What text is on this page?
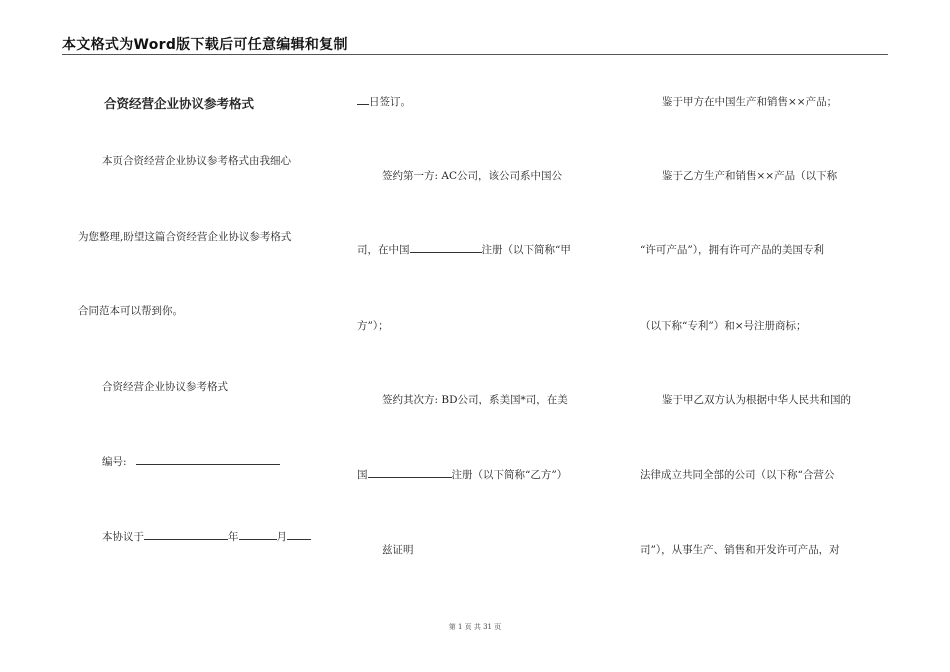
本文格式为Word版下载后可任意编辑和复制
合资经营企业协议参考格式
本页合资经营企业协议参考格式由我细心
为您整理,盼望这篇合资经营企业协议参考格式
合同范本可以帮到你。
合资经营企业协议参考格式
编号:
本协议于	年	月
日签订。
签约第一方: AC公司，该公司系中国公
司，在中国	注册（以下简称“甲
方”）；
签约其次方: BD公司，系美国*司，在美
国	注册（以下简称“乙方”）
兹证明
鉴于甲方在中国生产和销售××产品；
鉴于乙方生产和销售××产品（以下称
“许可产品”），拥有许可产品的美国专利
（以下称“专利”）和×号注册商标；
鉴于甲乙双方认为根据中华人民共和国的
法律成立共同全部的公司（以下称“合营公
司”），从事生产、销售和开发许可产品，对
第 1 页 共 31 页
